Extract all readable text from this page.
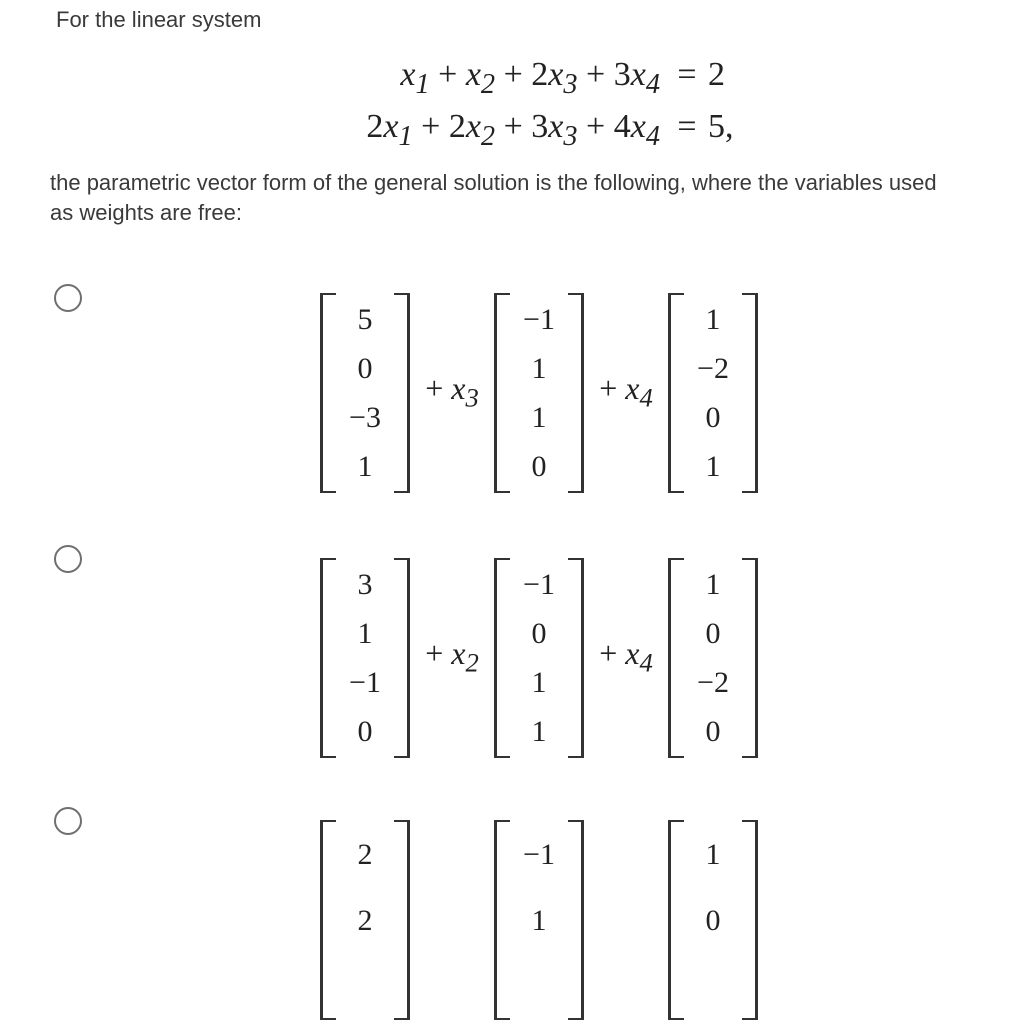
For the linear system
$x_1 + x_2 + 2x_3 + 3x_4 = 2$
$2x_1 + 2x_2 + 3x_3 + 4x_4 = 5$,
the parametric vector form of the general solution is the following, where the variables used as weights are free:
5
0
−3
1
+ $x_3$
−1
1
1
0
+ $x_4$
1
−2
0
1
3
1
−1
0
+ $x_2$
−1
0
1
1
+ $x_4$
1
0
−2
0
2
2
−1
1
1
0
